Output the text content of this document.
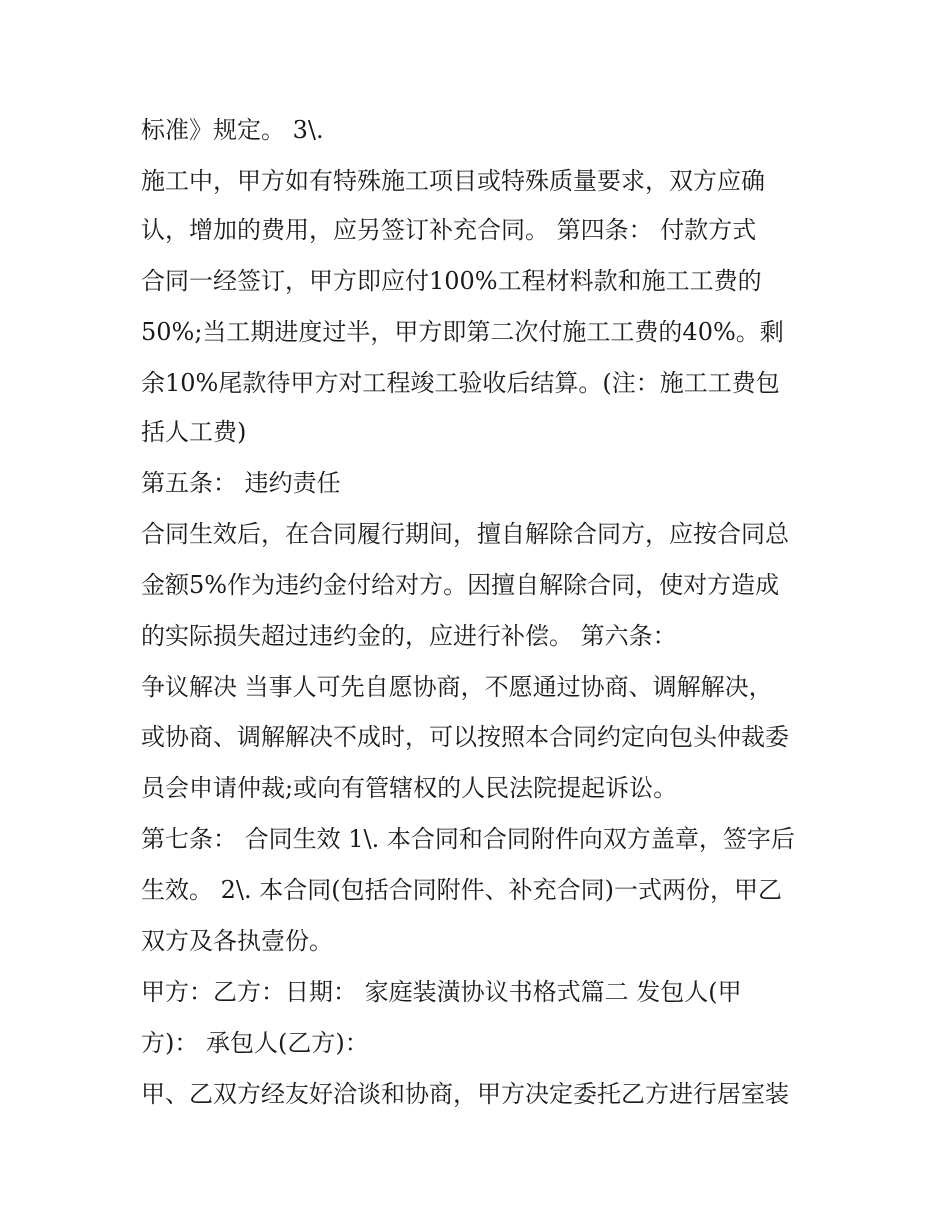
标准》规定。 3\.
施工中，甲方如有特殊施工项目或特殊质量要求，双方应确
认，增加的费用，应另签订补充合同。 第四条： 付款方式
合同一经签订，甲方即应付100%工程材料款和施工工费的
50%;当工期进度过半，甲方即第二次付施工工费的40%。剩
余10%尾款待甲方对工程竣工验收后结算。(注：施工工费包
括人工费)
第五条： 违约责任
合同生效后，在合同履行期间，擅自解除合同方，应按合同总
金额5%作为违约金付给对方。因擅自解除合同，使对方造成
的实际损失超过违约金的，应进行补偿。 第六条：
争议解决 当事人可先自愿协商，不愿通过协商、调解解决，
或协商、调解解决不成时，可以按照本合同约定向包头仲裁委
员会申请仲裁;或向有管辖权的人民法院提起诉讼。
第七条： 合同生效 1\. 本合同和合同附件向双方盖章，签字后
生效。 2\. 本合同(包括合同附件、补充合同)一式两份，甲乙
双方及各执壹份。
甲方：乙方：日期： 家庭装潢协议书格式篇二 发包人(甲
方)： 承包人(乙方)：
甲、乙双方经友好洽谈和协商，甲方决定委托乙方进行居室装
